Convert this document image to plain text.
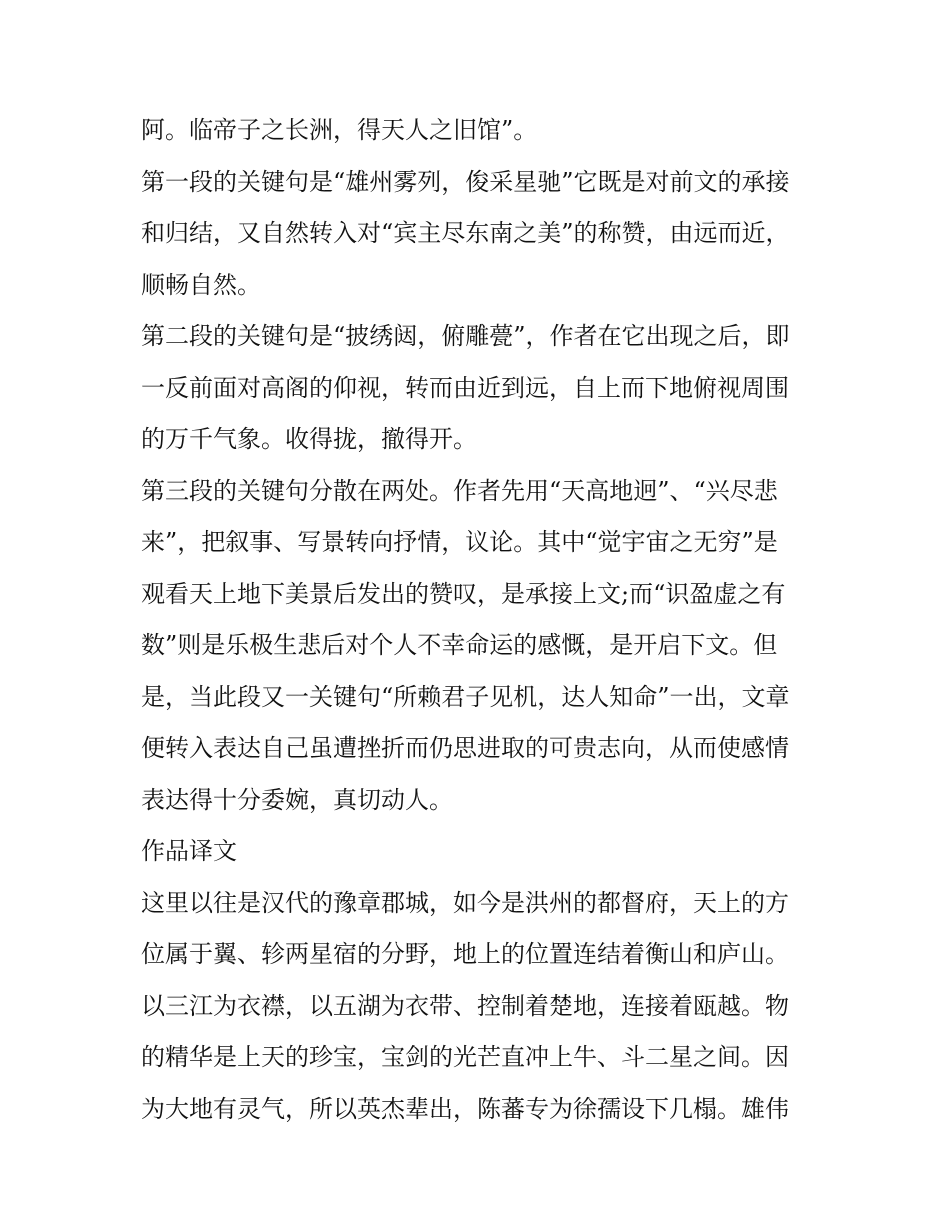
阿。临帝子之长洲，得天人之旧馆”。
第一段的关键句是“雄州雾列，俊采星驰”它既是对前文的承接
和归结，又自然转入对“宾主尽东南之美”的称赞，由远而近，
顺畅自然。
第二段的关键句是“披绣闼，俯雕甍”，作者在它出现之后，即
一反前面对高阁的仰视，转而由近到远，自上而下地俯视周围
的万千气象。收得拢，撤得开。
第三段的关键句分散在两处。作者先用“天高地迥”、“兴尽悲
来”，把叙事、写景转向抒情，议论。其中“觉宇宙之无穷”是
观看天上地下美景后发出的赞叹，是承接上文;而“识盈虚之有
数”则是乐极生悲后对个人不幸命运的感慨，是开启下文。但
是，当此段又一关键句“所赖君子见机，达人知命”一出，文章
便转入表达自己虽遭挫折而仍思进取的可贵志向，从而使感情
表达得十分委婉，真切动人。
作品译文
这里以往是汉代的豫章郡城，如今是洪州的都督府，天上的方
位属于翼、轸两星宿的分野，地上的位置连结着衡山和庐山。
以三江为衣襟，以五湖为衣带、控制着楚地，连接着瓯越。物
的精华是上天的珍宝，宝剑的光芒直冲上牛、斗二星之间。因
为大地有灵气，所以英杰辈出，陈蕃专为徐孺设下几榻。雄伟
